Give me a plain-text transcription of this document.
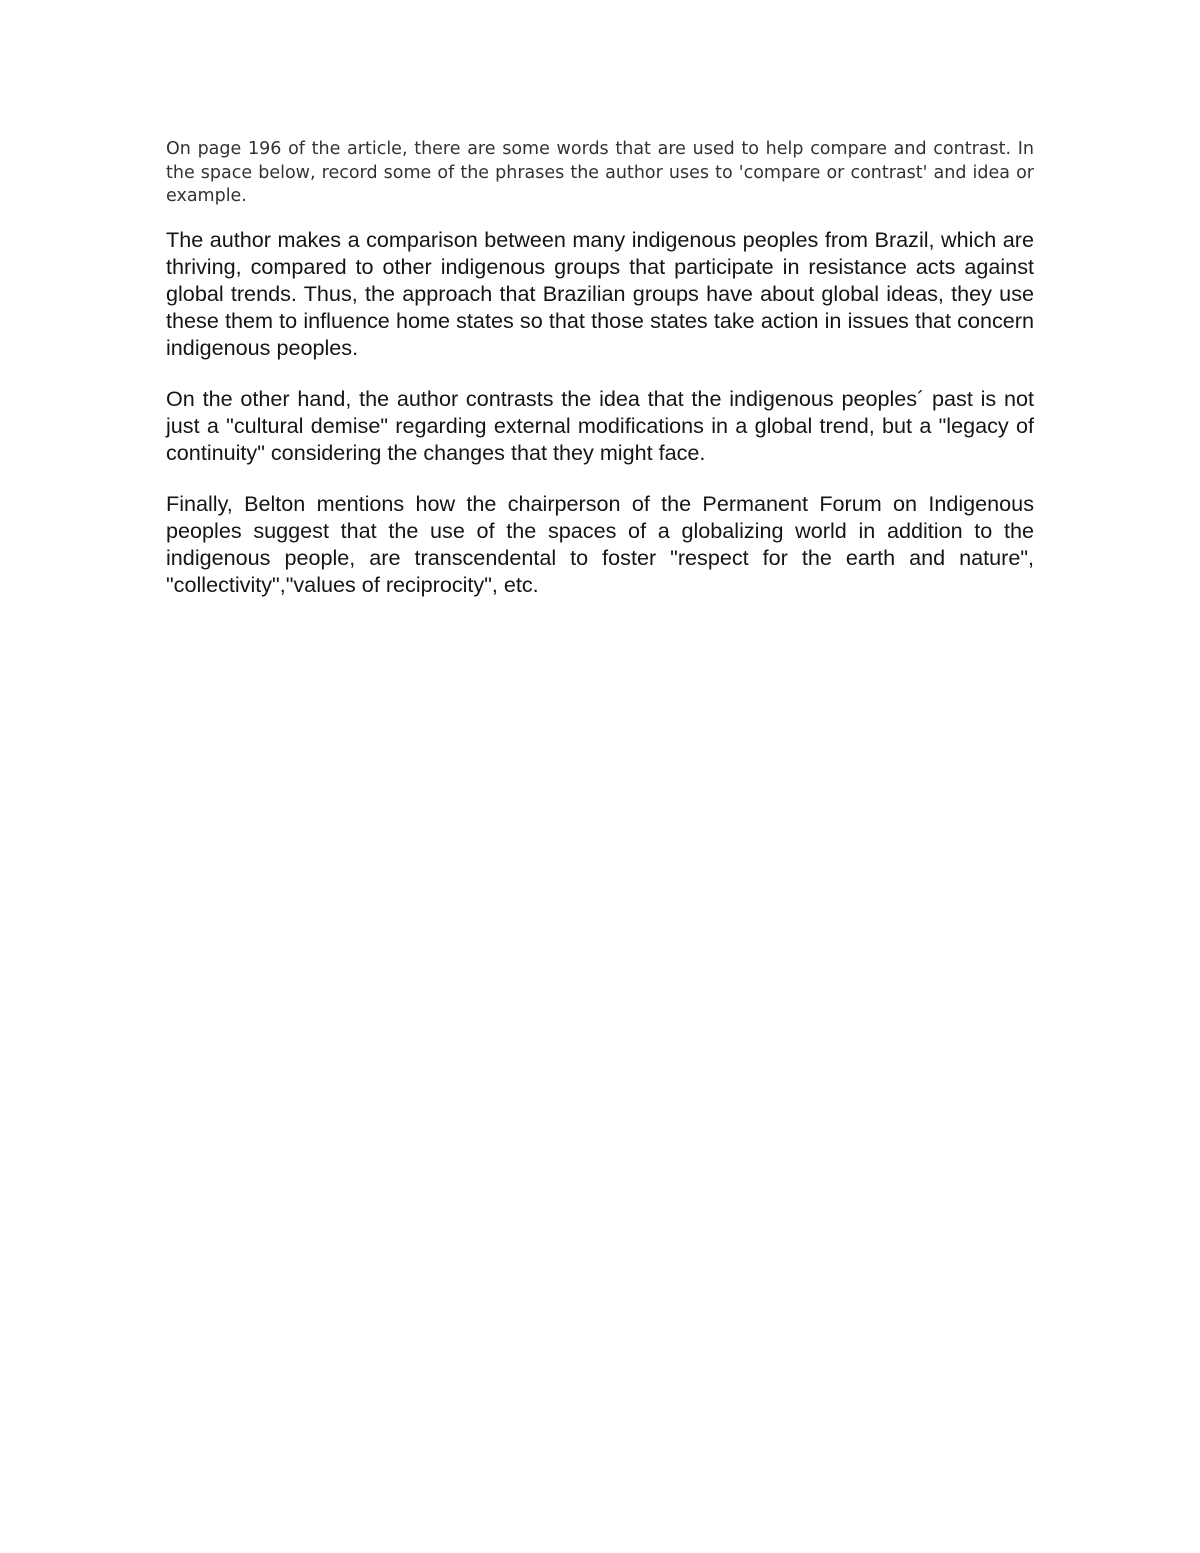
On page 196 of the article, there are some words that are used to help compare and contrast. In the space below, record some of the phrases the author uses to 'compare or contrast' and idea or example.

The author makes a comparison between many indigenous peoples from Brazil, which are thriving, compared to other indigenous groups that participate in resistance acts against global trends. Thus, the approach that Brazilian groups have about global ideas, they use these them to influence home states so that those states take action in issues that concern indigenous peoples.

On the other hand, the author contrasts the idea that the indigenous peoples´ past is not just a "cultural demise" regarding external modifications in a global trend, but a "legacy of continuity" considering the changes that they might face.

Finally, Belton mentions how the chairperson of the Permanent Forum on Indigenous peoples suggest that the use of the spaces of a globalizing world in addition to the indigenous people, are transcendental to foster "respect for the earth and nature", "collectivity","values of reciprocity", etc.
